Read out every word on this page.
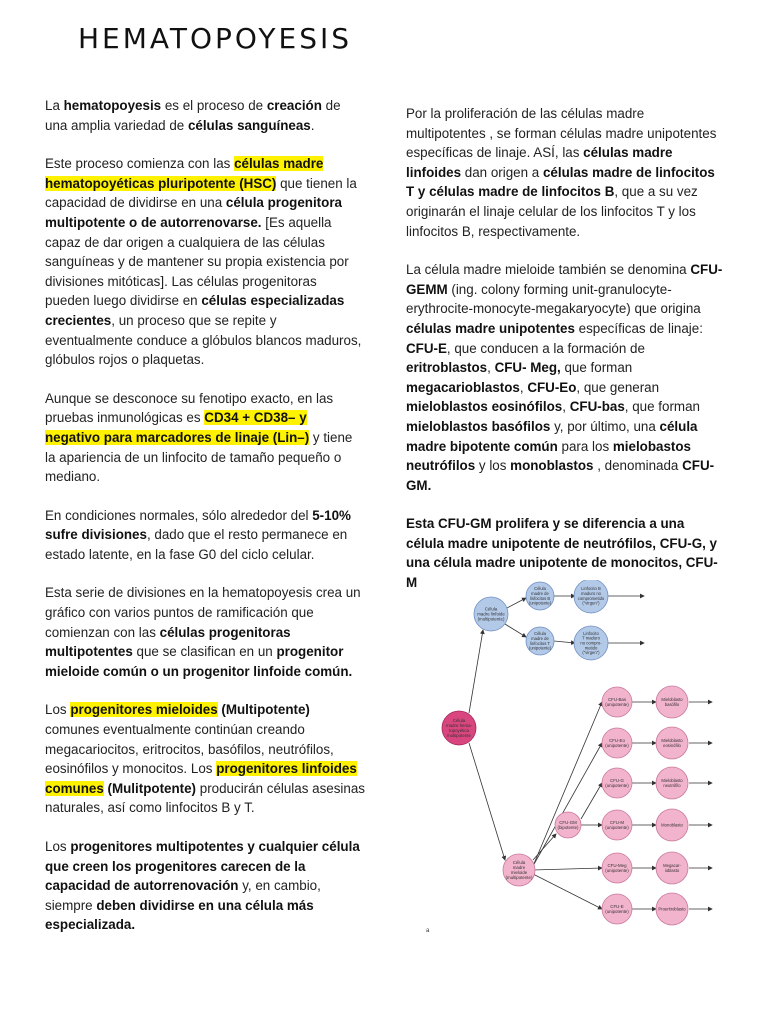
HEMATOPOYESIS

La hematopoyesis es el proceso de creación de una amplia variedad de células sanguíneas.

Este proceso comienza con las células madre hematopoyéticas pluripotente (HSC) que tienen la capacidad de dividirse en una célula progenitora multipotente o de autorrenovarse. [Es aquella capaz de dar origen a cualquiera de las células sanguíneas y de mantener su propia existencia por divisiones mitóticas]. Las células progenitoras pueden luego dividirse en células especializadas crecientes, un proceso que se repite y eventualmente conduce a glóbulos blancos maduros, glóbulos rojos o plaquetas.

Aunque se desconoce su fenotipo exacto, en las pruebas inmunológicas es CD34 + CD38– y negativo para marcadores de linaje (Lin–) y tiene la apariencia de un linfocito de tamaño pequeño o mediano.

En condiciones normales, sólo alrededor del 5-10% sufre divisiones, dado que el resto permanece en estado latente, en la fase G0 del ciclo celular.

Esta serie de divisiones en la hematopoyesis crea un gráfico con varios puntos de ramificación que comienzan con las células progenitoras multipotentes que se clasifican en un progenitor mieloide común o un progenitor linfoide común.

Los progenitores mieloides (Multipotente) comunes eventualmente continúan creando megacariocitos, eritrocitos, basófilos, neutrófilos, eosinófilos y monocitos. Los progenitores linfoides comunes (Mulitpotente) producirán células asesinas naturales, así como linfocitos B y T.

Los progenitores multipotentes y cualquier célula que creen los progenitores carecen de la capacidad de autorrenovación y, en cambio, siempre deben dividirse en una célula más especializada.

Por la proliferación de las células madre multipotentes , se forman células madre unipotentes específicas de linaje. ASÍ, las células madre linfoides dan origen a células madre de linfocitos T y células madre de linfocitos B, que a su vez originarán el linaje celular de los linfocitos T y los linfocitos B, respectivamente.

La célula madre mieloide también se denomina CFU-GEMM (ing. colony forming unit-granulocyte-erythrocite-monocyte-megakaryocyte) que origina células madre unipotentes específicas de linaje: CFU-E, que conducen a la formación de eritroblastos, CFU- Meg, que forman megacarioblastos, CFU-Eo, que generan mieloblastos eosinófilos, CFU-bas, que forman mieloblastos basófilos y, por último, una célula madre bipotente común para los mielobastos neutrófilos y los monoblastos , denominada CFU-GM.

Esta CFU-GM prolifera y se diferencia a una célula madre unipotente de neutrófilos, CFU-G, y una célula madre unipotente de monocitos, CFU-M

Célula madre hema-topoyética multipotente
Célula madre linfoide (multipotente)
Célula madre de linfocitos B (unipotente)
Célula madre de linfocitos T (unipotente)
Linfocito B maduro no comprometido ("virgen")
Linfocito T maduro no compro-metido ("virgen")
Célula madre mieloide (multipotente)
CFU-GM (bipotente)
CFU-Bas (unipotente)
CFU-Eo (unipotente)
CFU-G (unipotente)
CFU-M (unipotente)
CFU-Meg (unipotente)
CFU-E (unipotente)
Mieloblasto basófilo
Mieloblasto eosinófilo
Mieloblasto neutrófilo
Monoblasto
Megacar-ioblasto
Proeritroblasto
a
